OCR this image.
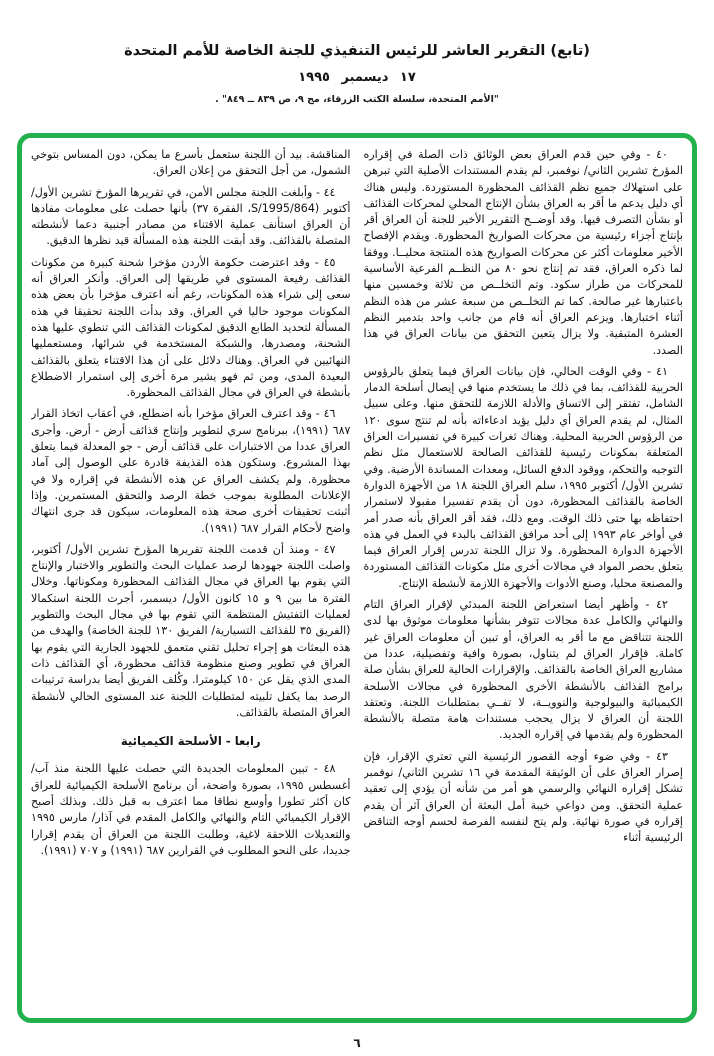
(تابع) التقرير العاشر للرئيس التنفيذي للجنة الخاصة للأمم المتحدة
١٧ ديسمبر ١٩٩٥
"الأمم المتحدة، سلسلة الكتب الزرقاء، مج ٩، ص ٨٣٩ ــ ٨٤٩" .

٤٠ - وفي حين قدم العراق بعض الوثائق ذات الصلة في إقراره المؤرخ تشرين الثاني/ نوفمبر، لم يقدم المستندات الأصلية التي تبرهن على استهلاك جميع نظم القذائف المحظورة المستوردة. وليس هناك أي دليل يدعم ما أقر به العراق بشأن الإنتاج المحلي لمحركات القذائف أو بشأن التصرف فيها. وقد أوضــح التقرير الأخير للجنة أن العراق أقر بإنتاج أجزاء رئيسية من محركات الصواريخ المحظورة. ويقدم الإفصاح الأخير معلومات أكثر عن محركات الصواريخ هذه المنتجة محليــا. ووفقا لما ذكره العراق، فقد تم إنتاج نحو ٨٠ من النظــم الفرعية الأساسية للمحركات من طراز سكود. وتم التخلــص من ثلاثة وخمسين منها باعتبارها غير صالحة. كما تم التخلــص من سبعة عشر من هذه النظم أثناء اختبارها. ويزعم العراق أنه قام من جانب واحد بتدمير النظم العشرة المتبقية. ولا يزال يتعين التحقق من بيانات العراق في هذا الصدد.

٤١ - وفي الوقت الحالي، فإن بيانات العراق فيما يتعلق بالرؤوس الحربية للقذائف، بما في ذلك ما يستخدم منها في إيصال أسلحة الدمار الشامل، تفتقر إلى الاتساق والأدلة اللازمة للتحقق منها. وعلى سبيل المثال، لم يقدم العراق أي دليل يؤيد ادعاءاته بأنه لم تنتج سوى ١٢٠ من الرؤوس الحربية المحلية. وهناك ثغرات كبيرة في تفسيرات العراق المتعلقة بمكونات رئيسية للقذائف الصالحة للاستعمال مثل نظم التوجيه والتحكم، ووقود الدفع السائل، ومعدات المساندة الأرضية. وفي تشرين الأول/ أكتوبر ١٩٩٥، سلم العراق اللجنة ١٨ من الأجهزة الدوارة الخاصة بالقذائف المحظورة، دون أن يقدم تفسيرا مقبولا لاستمرار احتفاظه بها حتى ذلك الوقت. ومع ذلك، فقد أقر العراق بأنه صدر أمر في أواخر عام ١٩٩٣ إلى أحد مرافق القذائف بالبدء في العمل في هذه الأجهزة الدوارة المحظورة. ولا تزال اللجنة تدرس إقرار العراق فيما يتعلق بحصر المواد في مجالات أخرى مثل مكونات القذائف المستوردة والمصنعة محليا، وصنع الأدوات والأجهزة اللازمة لأنشطة الإنتاج.

٤٢ - وأظهر أيضا استعراض اللجنة المبدئي لإقرار العراق التام والنهائي والكامل عدة مجالات تتوفر بشأنها معلومات موثوق بها لدى اللجنة تتناقض مع ما أقر به العراق، أو تبين أن معلومات العراق غير كاملة. فإقرار العراق لم يتناول، بصورة وافية وتفصيلية، عددا من مشاريع العراق الخاصة بالقذائف. والإقرارات الحالية للعراق بشأن صلة برامج القذائف بالأنشطة الأخرى المحظورة في مجالات الأسلحة الكيميائية والبيولوجية والنوويــة، لا تفــي بمتطلبات اللجنة. وتعتقد اللجنة أن العراق لا يزال يحجب مستندات هامة متصلة بالأنشطة المحظورة ولم يقدمها في إقراره الجديد.

٤٣ - وفي ضوء أوجه القصور الرئيسية التي تعتري الإقرار، فإن إصرار العراق على أن الوثيقة المقدمة في ١٦ تشرين الثاني/ نوفمبر تشكل إقراره النهائي والرسمي هو أمر من شأنه أن يؤدي إلى تعقيد عملية التحقق. ومن دواعي خيبة أمل البعثة أن العراق آثر أن يقدم إقراره في صورة نهائية. ولم يتح لنفسه الفرصة لحسم أوجه التناقض الرئيسية أثناء

المناقشة. بيد أن اللجنة ستعمل بأسرع ما يمكن، دون المساس بتوخي الشمول، من أجل التحقق من إعلان العراق.

٤٤ - وأبلغت اللجنة مجلس الأمن، في تقريرها المؤرخ تشرين الأول/ أكتوبر (S/1995/864، الفقرة ٣٧) بأنها حصلت على معلومات مفادها أن العراق استأنف عملية الاقتناء من مصادر أجنبية دعما لأنشطته المتصلة بالقذائف. وقد أبقت اللجنة هذه المسألة قيد نظرها الدقيق.

٤٥ - وقد اعترضت حكومة الأردن مؤخرا شحنة كبيرة من مكونات القذائف رفيعة المستوى في طريقها إلى العراق. وأنكر العراق أنه سعى إلى شراء هذه المكونات، رغم أنه اعترف مؤخرا بأن بعض هذه المكونات موجود حاليا في العراق. وقد بدأت اللجنة تحقيقا في هذه المسألة لتحديد الطابع الدقيق لمكونات القذائف التي تنطوي عليها هذه الشحنة، ومصدرها، والشبكة المستخدمة في شرائها، ومستعمليها النهائيين في العراق. وهناك دلائل على أن هذا الاقتناء يتعلق بالقذائف البعيدة المدى، ومن ثم فهو يشير مرة أخرى إلى استمرار الاضطلاع بأنشطة في العراق في مجال القذائف المحظورة.

٤٦ - وقد اعترف العراق مؤخرا بأنه اضطلع، في أعقاب اتخاذ القرار ٦٨٧ (١٩٩١)، ببرنامج سري لتطوير وإنتاج قذائف أرض - أرض. وأجرى العراق عددا من الاختبارات على قذائف أرض - جو المعدلة فيما يتعلق بهذا المشروع. وستكون هذه القذيفة قادرة على الوصول إلى آماد محظورة. ولم يكشف العراق عن هذه الأنشطة في إقراره ولا في الإعلانات المطلوبة بموجب خطة الرصد والتحقق المستمرين. وإذا أثبتت تحقيقات أخرى صحة هذه المعلومات، سيكون قد جرى انتهاك واضح لأحكام القرار ٦٨٧ (١٩٩١).

٤٧ - ومنذ أن قدمت اللجنة تقريرها المؤرخ تشرين الأول/ أكتوبر، واصلت اللجنة جهودها لرصد عمليات البحث والتطوير والاختبار والإنتاج التي يقوم بها العراق في مجال القذائف المحظورة ومكوناتها. وخلال الفترة ما بين ٩ و ١٥ كانون الأول/ ديسمبر، أجرت اللجنة استكمالا لعمليات التفتيش المنتظمة التي تقوم بها في مجال البحث والتطوير (الفريق ٣٥ للقذائف التسيارية/ الفريق ١٣٠ للجنة الخاصة) والهدف من هذه البعثات هو إجراء تحليل تقني متعمق للجهود الجارية التي يقوم بها العراق في تطوير وصنع منظومة قذائف محظورة، أي القذائف ذات المدى الذي يقل عن ١٥٠ كيلومترا. وكُلف الفريق أيضا بدراسة ترتيبات الرصد بما يكفل تلبيته لمتطلبات اللجنة عند المستوى الحالي لأنشطة العراق المتصلة بالقذائف.

رابعا - الأسلحة الكيميائية

٤٨ - تبين المعلومات الجديدة التي حصلت عليها اللجنة منذ آب/ أغسطس ١٩٩٥، بصورة واضحة، أن برنامج الأسلحة الكيميائية للعراق كان أكثر تطورا وأوسع نطاقا مما اعترف به قبل ذلك. وبذلك أصبح الإقرار الكيميائي التام والنهائي والكامل المقدم في آذار/ مارس ١٩٩٥ والتعديلات اللاحقة لاغية، وطلبت اللجنة من العراق أن يقدم إقرارا جديدا، على النحو المطلوب في القرارين ٦٨٧ (١٩٩١) و ٧٠٧ (١٩٩١).

٦
